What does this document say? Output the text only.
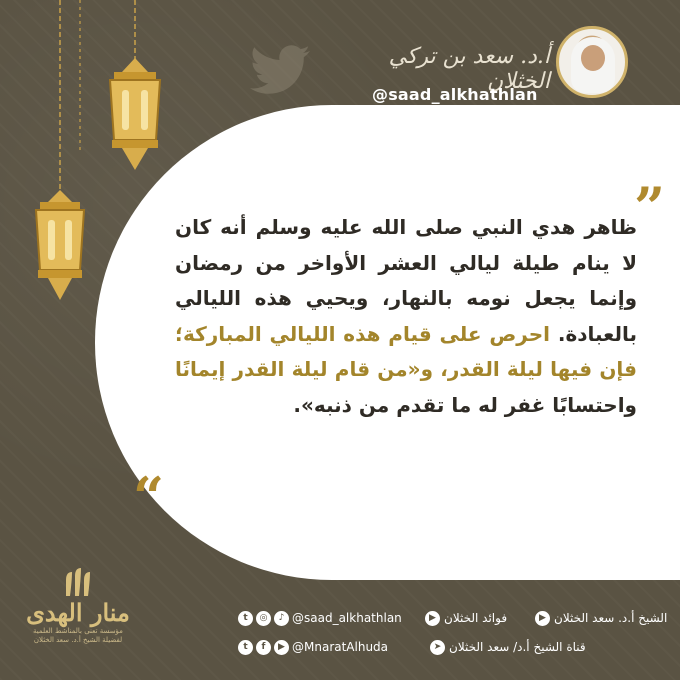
أ.د. سعد بن تركي الخثلان
@saad_alkhathlan
”
“
ظاهر هدي النبي صلى الله عليه وسلم أنه كان لا ينام طيلة ليالي العشر الأواخر من رمضان وإنما يجعل نومه بالنهار، ويحيي هذه الليالي بالعبادة. احرص على قيام هذه الليالي المباركة؛ فإن فيها ليلة القدر، و«من قام ليلة القدر إيمانًا واحتسابًا غفر له ما تقدم من ذنبه».
منار الهدى
مؤسسة تعنى بالمناشط العلمية
لفضيلة الشيخ أ.د. سعد الخثلان
t	◎	♪ @saad_alkhathlan	▶ فوائد الخثلان	▶ الشيخ أ.د. سعد الخثلان
t	f	▶ @MnaratAlhuda	➤ قناة الشيخ أ.د/ سعد الخثلان
